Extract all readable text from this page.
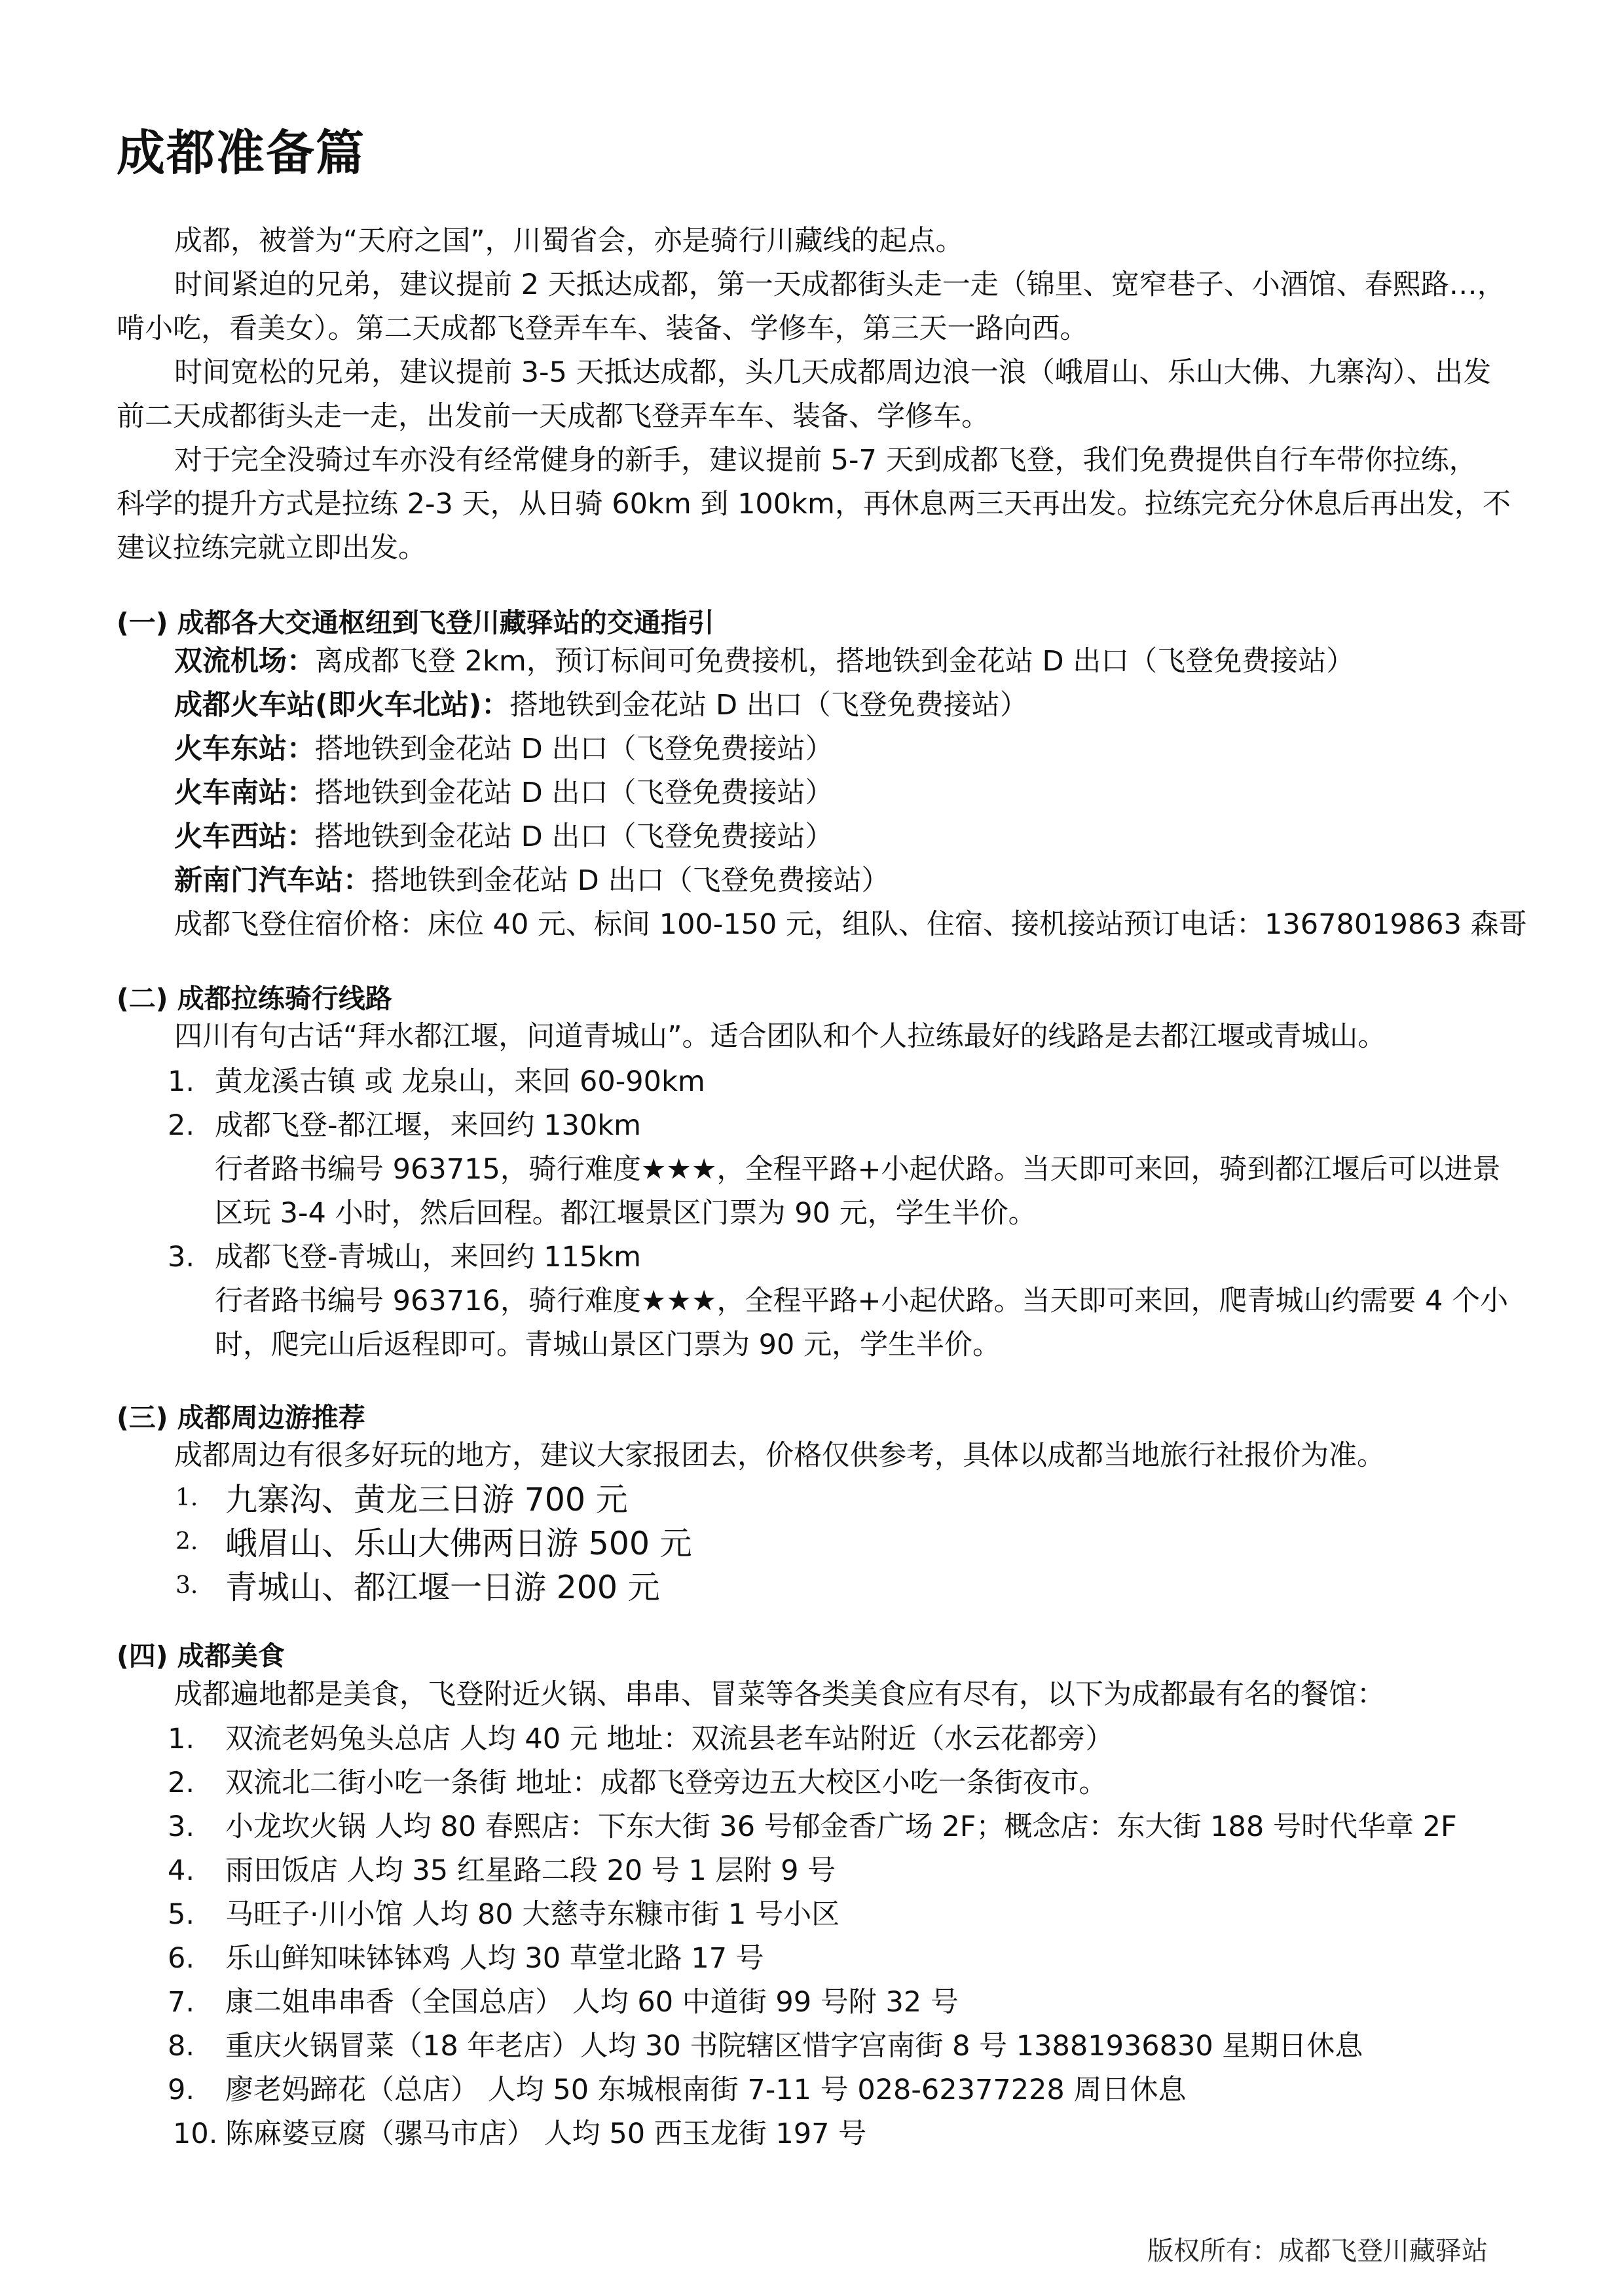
成都准备篇
成都，被誉为“天府之国”，川蜀省会，亦是骑行川藏线的起点。
时间紧迫的兄弟，建议提前 2 天抵达成都，第一天成都街头走一走（锦里、宽窄巷子、小酒馆、春熙路…，
啃小吃，看美女）。第二天成都飞登弄车车、装备、学修车，第三天一路向西。
时间宽松的兄弟，建议提前 3-5 天抵达成都，头几天成都周边浪一浪（峨眉山、乐山大佛、九寨沟）、出发
前二天成都街头走一走，出发前一天成都飞登弄车车、装备、学修车。
对于完全没骑过车亦没有经常健身的新手，建议提前 5-7 天到成都飞登，我们免费提供自行车带你拉练，
科学的提升方式是拉练 2-3 天，从日骑 60km 到 100km，再休息两三天再出发。拉练完充分休息后再出发，不
建议拉练完就立即出发。
(一) 成都各大交通枢纽到飞登川藏驿站的交通指引
双流机场：离成都飞登 2km，预订标间可免费接机，搭地铁到金花站 D 出口（飞登免费接站）
成都火车站(即火车北站)：搭地铁到金花站 D 出口（飞登免费接站）
火车东站：搭地铁到金花站 D 出口（飞登免费接站）
火车南站：搭地铁到金花站 D 出口（飞登免费接站）
火车西站：搭地铁到金花站 D 出口（飞登免费接站）
新南门汽车站：搭地铁到金花站 D 出口（飞登免费接站）
成都飞登住宿价格：床位 40 元、标间 100-150 元，组队、住宿、接机接站预订电话：13678019863 森哥
(二) 成都拉练骑行线路
四川有句古话“拜水都江堰，问道青城山”。适合团队和个人拉练最好的线路是去都江堰或青城山。
1. 黄龙溪古镇 或 龙泉山，来回 60-90km
2. 成都飞登-都江堰，来回约 130km
行者路书编号 963715，骑行难度★★★，全程平路+小起伏路。当天即可来回，骑到都江堰后可以进景
区玩 3-4 小时，然后回程。都江堰景区门票为 90 元，学生半价。
3. 成都飞登-青城山，来回约 115km
行者路书编号 963716，骑行难度★★★，全程平路+小起伏路。当天即可来回，爬青城山约需要 4 个小
时，爬完山后返程即可。青城山景区门票为 90 元，学生半价。
(三) 成都周边游推荐
成都周边有很多好玩的地方，建议大家报团去，价格仅供参考，具体以成都当地旅行社报价为准。
1. 九寨沟、黄龙三日游 700 元
2. 峨眉山、乐山大佛两日游 500 元
3. 青城山、都江堰一日游 200 元
(四) 成都美食
成都遍地都是美食，飞登附近火锅、串串、冒菜等各类美食应有尽有，以下为成都最有名的餐馆：
1. 双流老妈兔头总店 人均 40 元 地址：双流县老车站附近（水云花都旁）
2. 双流北二街小吃一条街 地址：成都飞登旁边五大校区小吃一条街夜市。
3. 小龙坎火锅 人均 80 春熙店：下东大街 36 号郁金香广场 2F；概念店：东大街 188 号时代华章 2F
4. 雨田饭店 人均 35 红星路二段 20 号 1 层附 9 号
5. 马旺子·川小馆 人均 80 大慈寺东糠市街 1 号小区
6. 乐山鲜知味钵钵鸡 人均 30 草堂北路 17 号
7. 康二姐串串香（全国总店） 人均 60 中道街 99 号附 32 号
8. 重庆火锅冒菜（18 年老店）人均 30 书院辖区惜字宫南街 8 号 13881936830 星期日休息
9. 廖老妈蹄花（总店） 人均 50 东城根南街 7-11 号 028-62377228 周日休息
10. 陈麻婆豆腐（骡马市店） 人均 50 西玉龙街 197 号
版权所有：成都飞登川藏驿站
